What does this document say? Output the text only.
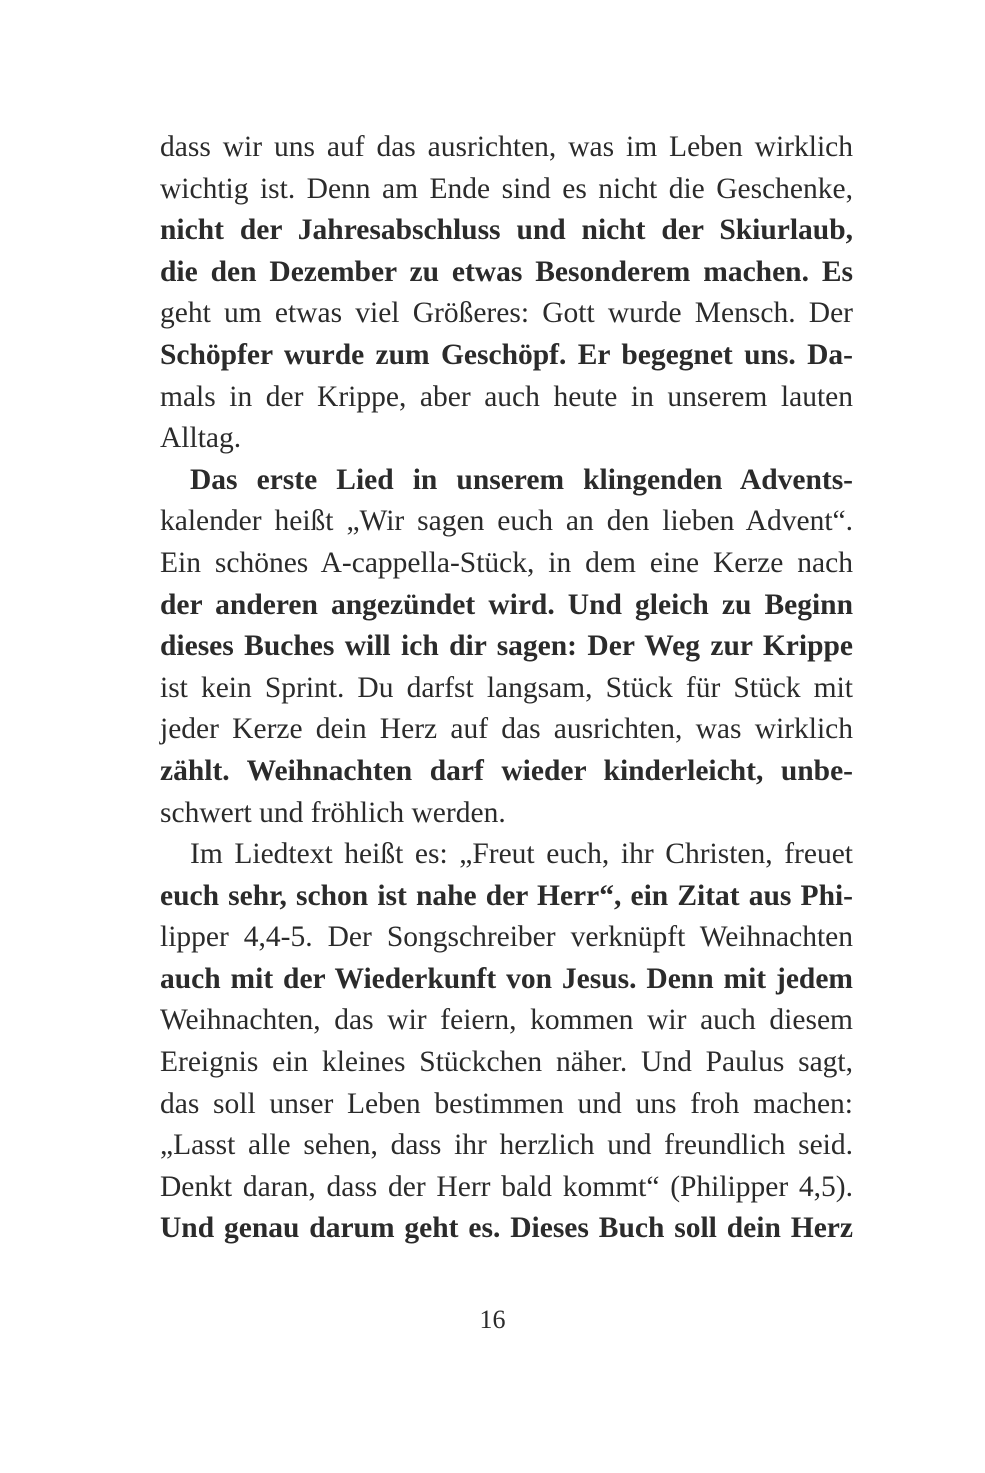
dass wir uns auf das ausrichten, was im Leben wirklich
wichtig ist. Denn am Ende sind es nicht die Geschenke,
nicht der Jahresabschluss und nicht der Skiurlaub,
die den Dezember zu etwas Besonderem machen. Es
geht um etwas viel Größeres: Gott wurde Mensch. Der
Schöpfer wurde zum Geschöpf. Er begegnet uns. Da-
mals in der Krippe, aber auch heute in unserem lauten
Alltag.
Das erste Lied in unserem klingenden Advents-
kalender heißt „Wir sagen euch an den lieben Advent“.
Ein schönes A-cappella-Stück, in dem eine Kerze nach
der anderen angezündet wird. Und gleich zu Beginn
dieses Buches will ich dir sagen: Der Weg zur Krippe
ist kein Sprint. Du darfst langsam, Stück für Stück mit
jeder Kerze dein Herz auf das ausrichten, was wirklich
zählt. Weihnachten darf wieder kinderleicht, unbe-
schwert und fröhlich werden.
Im Liedtext heißt es: „Freut euch, ihr Christen, freuet
euch sehr, schon ist nahe der Herr“, ein Zitat aus Phi-
lipper 4,4-5. Der Songschreiber verknüpft Weihnachten
auch mit der Wiederkunft von Jesus. Denn mit jedem
Weihnachten, das wir feiern, kommen wir auch diesem
Ereignis ein kleines Stückchen näher. Und Paulus sagt,
das soll unser Leben bestimmen und uns froh machen:
„Lasst alle sehen, dass ihr herzlich und freundlich seid.
Denkt daran, dass der Herr bald kommt“ (Philipper 4,5).
Und genau darum geht es. Dieses Buch soll dein Herz
16
